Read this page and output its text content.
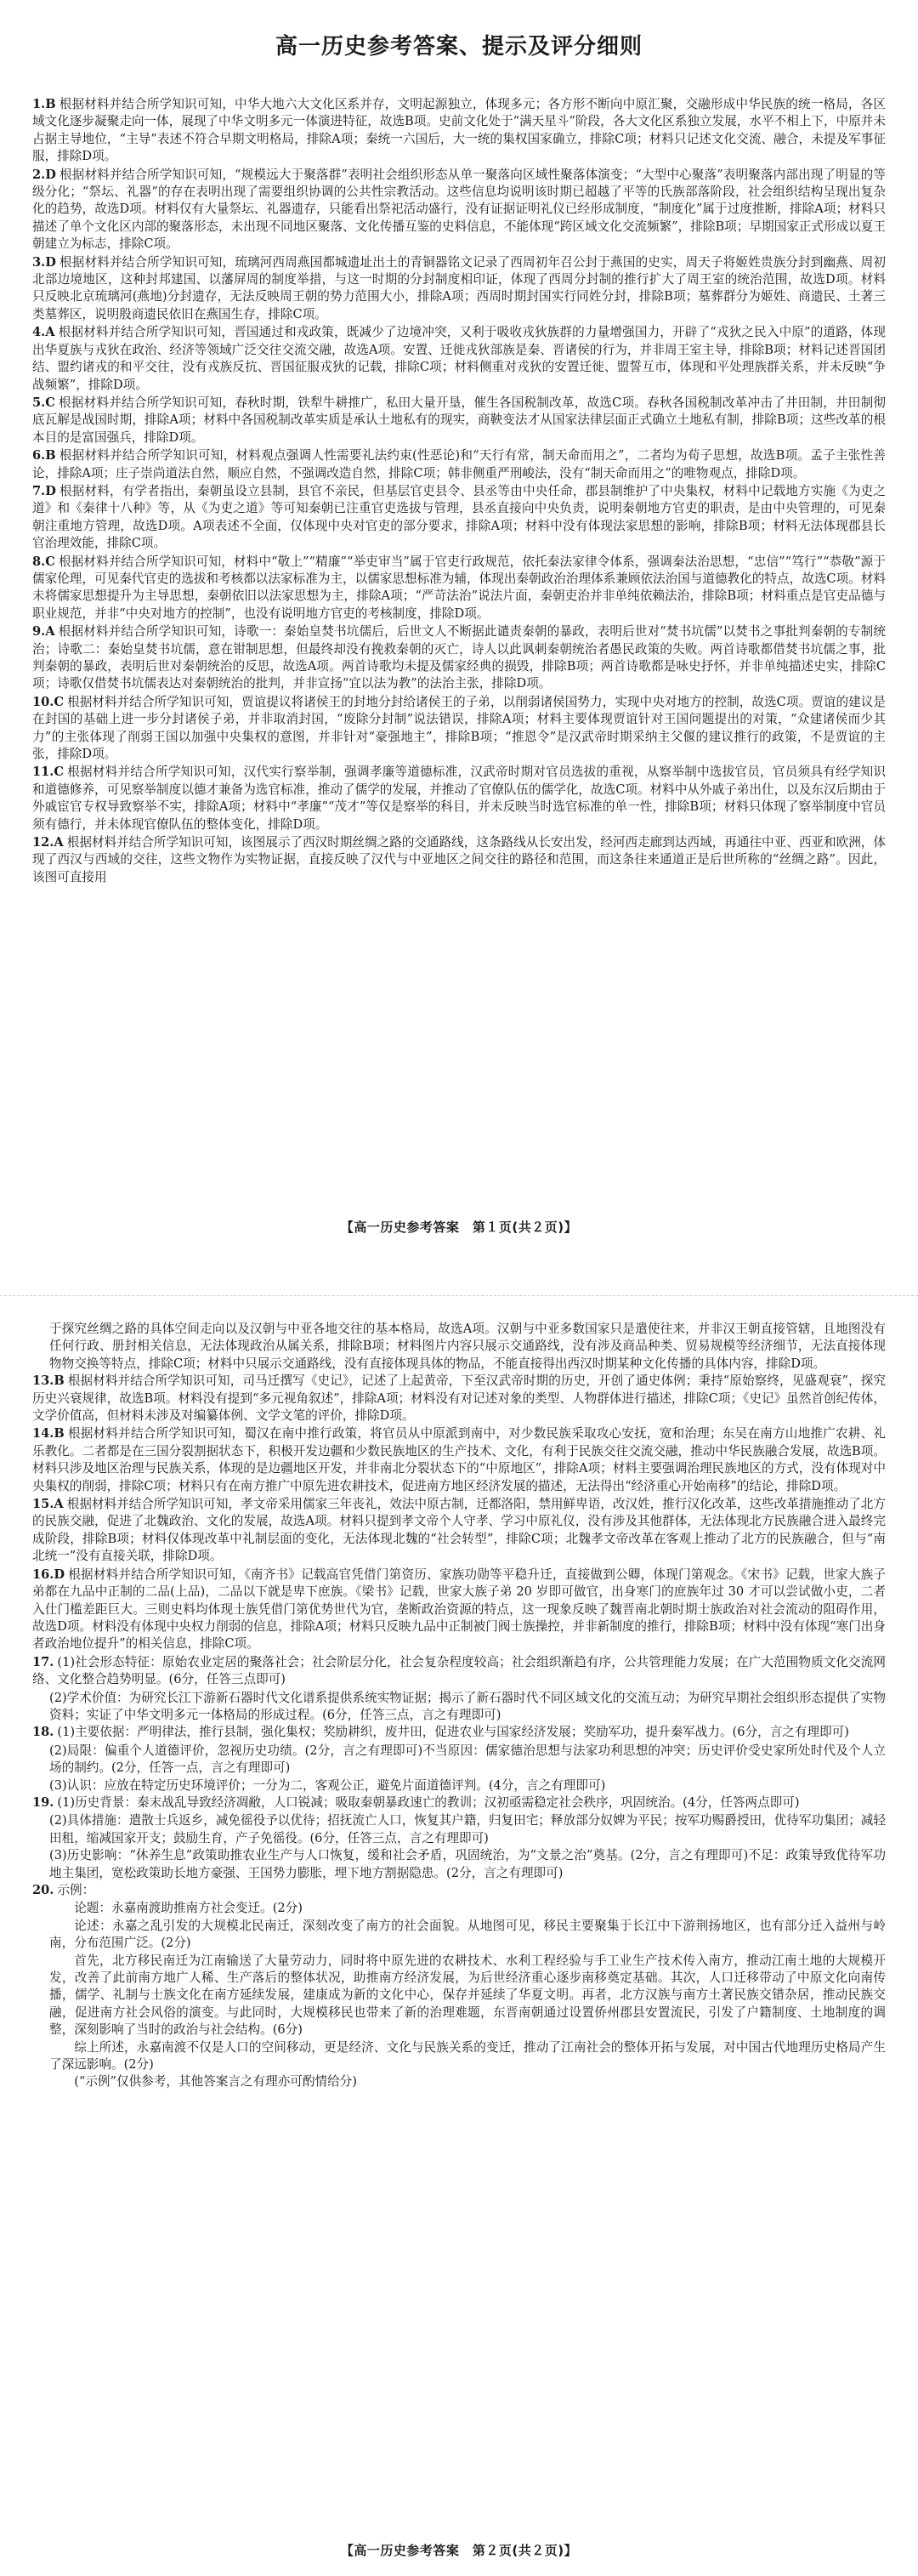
高一历史参考答案、提示及评分细则
1.B 根据材料并结合所学知识可知，中华大地六大文化区系并存，文明起源独立，体现多元；各方形不断向中原汇聚，交融形成中华民族的统一格局，各区域文化逐步凝聚走向一体，展现了中华文明多元一体演进特征，故选B项。史前文化处于“满天星斗”阶段，各大文化区系独立发展，水平不相上下，中原并未占据主导地位，“主导”表述不符合早期文明格局，排除A项；秦统一六国后，大一统的集权国家确立，排除C项；材料只记述文化交流、融合，未提及军事征服，排除D项。
2.D 根据材料并结合所学知识可知，“规模远大于聚落群”表明社会组织形态从单一聚落向区域性聚落体演变；“大型中心聚落”表明聚落内部出现了明显的等级分化；“祭坛、礼器”的存在表明出现了需要组织协调的公共性宗教活动。这些信息均说明该时期已超越了平等的氏族部落阶段，社会组织结构呈现出复杂化的趋势，故选D项。材料仅有大量祭坛、礼器遗存，只能看出祭祀活动盛行，没有证据证明礼仪已经形成制度，“制度化”属于过度推断，排除A项；材料只描述了单个文化区内部的聚落形态，未出现不同地区聚落、文化传播互鉴的史料信息，不能体现“跨区域文化交流频繁”，排除B项；早期国家正式形成以夏王朝建立为标志，排除C项。
3.D 根据材料并结合所学知识可知，琉璃河西周燕国都城遗址出土的青铜器铭文记录了西周初年召公封于燕国的史实，周天子将姬姓贵族分封到幽燕、周初北部边境地区，这种封邦建国、以藩屏周的制度举措，与这一时期的分封制度相印证，体现了西周分封制的推行扩大了周王室的统治范围，故选D项。材料只反映北京琉璃河(燕地)分封遗存，无法反映周王朝的势力范围大小，排除A项；西周时期封国实行同姓分封，排除B项；墓葬群分为姬姓、商遗民、土著三类墓葬区，说明殷商遗民依旧在燕国生存，排除C项。
4.A 根据材料并结合所学知识可知，晋国通过和戎政策，既减少了边境冲突，又利于吸收戎狄族群的力量增强国力，开辟了“戎狄之民入中原”的道路，体现出华夏族与戎狄在政治、经济等领域广泛交往交流交融，故选A项。安置、迁徙戎狄部族是秦、晋诸侯的行为，并非周王室主导，排除B项；材料记述晋国团结、盟约诸戎的和平交往，没有戎族反抗、晋国征服戎狄的记载，排除C项；材料侧重对戎狄的安置迁徙、盟誓互市，体现和平处理族群关系，并未反映“争战频繁”，排除D项。
5.C 根据材料并结合所学知识可知，春秋时期，铁犁牛耕推广，私田大量开垦，催生各国税制改革，故选C项。春秋各国税制改革冲击了井田制，井田制彻底瓦解是战国时期，排除A项；材料中各国税制改革实质是承认土地私有的现实，商鞅变法才从国家法律层面正式确立土地私有制，排除B项；这些改革的根本目的是富国强兵，排除D项。
6.B 根据材料并结合所学知识可知，材料观点强调人性需要礼法约束(性恶论)和“天行有常，制天命而用之”，二者均为荀子思想，故选B项。孟子主张性善论，排除A项；庄子崇尚道法自然，顺应自然，不强调改造自然，排除C项；韩非侧重严刑峻法，没有“制天命而用之”的唯物观点，排除D项。
7.D 根据材料，有学者指出，秦朝虽设立县制，县官不亲民，但基层官吏县令、县丞等由中央任命，郡县制维护了中央集权，材料中记载地方实施《为吏之道》和《秦律十八种》等，从《为吏之道》等可知秦朝已注重官吏选拔与管理，县丞直接向中央负责，说明秦朝地方官吏的职责，是由中央管理的，可见秦朝注重地方管理，故选D项。A项表述不全面，仅体现中央对官吏的部分要求，排除A项；材料中没有体现法家思想的影响，排除B项；材料无法体现郡县长官治理效能，排除C项。
8.C 根据材料并结合所学知识可知，材料中“敬上”“精廉”“举吏审当”属于官吏行政规范，依托秦法家律令体系，强调秦法治思想，“忠信”“笃行”“恭敬”源于儒家伦理，可见秦代官吏的选拔和考核都以法家标准为主，以儒家思想标准为辅，体现出秦朝政治治理体系兼顾依法治国与道德教化的特点，故选C项。材料未将儒家思想提升为主导思想，秦朝依旧以法家思想为主，排除A项；“严苛法治”说法片面，秦朝吏治并非单纯依赖法治，排除B项；材料重点是官吏品德与职业规范，并非“中央对地方的控制”，也没有说明地方官吏的考核制度，排除D项。
9.A 根据材料并结合所学知识可知，诗歌一：秦始皇焚书坑儒后，后世文人不断据此谴责秦朝的暴政，表明后世对“焚书坑儒”以焚书之事批判秦朝的专制统治；诗歌二：秦始皇焚书坑儒，意在钳制思想，但最终却没有挽救秦朝的灭亡，诗人以此讽刺秦朝统治者愚民政策的失败。两首诗歌都借焚书坑儒之事，批判秦朝的暴政，表明后世对秦朝统治的反思，故选A项。两首诗歌均未提及儒家经典的损毁，排除B项；两首诗歌都是咏史抒怀，并非单纯描述史实，排除C项；诗歌仅借焚书坑儒表达对秦朝统治的批判，并非宣扬“宜以法为教”的法治主张，排除D项。
10.C 根据材料并结合所学知识可知，贾谊提议将诸侯王的封地分封给诸侯王的子弟，以削弱诸侯国势力，实现中央对地方的控制，故选C项。贾谊的建议是在封国的基础上进一步分封诸侯子弟，并非取消封国，“废除分封制”说法错误，排除A项；材料主要体现贾谊针对王国问题提出的对策，“众建诸侯而少其力”的主张体现了削弱王国以加强中央集权的意图，并非针对“豪强地主”，排除B项；“推恩令”是汉武帝时期采纳主父偃的建议推行的政策，不是贾谊的主张，排除D项。
11.C 根据材料并结合所学知识可知，汉代实行察举制，强调孝廉等道德标准，汉武帝时期对官员选拔的重视，从察举制中选拔官员，官员须具有经学知识和道德修养，可见察举制度以德才兼备为选官标准，推动了儒学的发展，并推动了官僚队伍的儒学化，故选C项。材料中从外戚子弟出仕，以及东汉后期由于外戚宦官专权导致察举不实，排除A项；材料中“孝廉”“茂才”等仅是察举的科目，并未反映当时选官标准的单一性，排除B项；材料只体现了察举制度中官员须有德行，并未体现官僚队伍的整体变化，排除D项。
12.A 根据材料并结合所学知识可知，该图展示了西汉时期丝绸之路的交通路线，这条路线从长安出发，经河西走廊到达西域，再通往中亚、西亚和欧洲，体现了西汉与西域的交往，这些文物作为实物证据，直接反映了汉代与中亚地区之间交往的路径和范围，而这条往来通道正是后世所称的“丝绸之路”。因此，该图可直接用
【高一历史参考答案　第１页(共２页)】
于探究丝绸之路的具体空间走向以及汉朝与中亚各地交往的基本格局，故选A项。汉朝与中亚多数国家只是遣使往来，并非汉王朝直接管辖，且地图没有任何行政、册封相关信息，无法体现政治从属关系，排除B项；材料图片内容只展示交通路线，没有涉及商品种类、贸易规模等经济细节，无法直接体现物物交换等特点，排除C项；材料中只展示交通路线，没有直接体现具体的物品，不能直接得出西汉时期某种文化传播的具体内容，排除D项。
13.B 根据材料并结合所学知识可知，司马迁撰写《史记》，记述了上起黄帝，下至汉武帝时期的历史，开创了通史体例；秉持“原始察终，见盛观衰”，探究历史兴衰规律，故选B项。材料没有提到“多元视角叙述”，排除A项；材料没有对记述对象的类型、人物群体进行描述，排除C项；《史记》虽然首创纪传体，文学价值高，但材料未涉及对编纂体例、文学文笔的评价，排除D项。
14.B 根据材料并结合所学知识可知，蜀汉在南中推行政策，将官员从中原派到南中，对少数民族采取攻心安抚，宽和治理；东吴在南方山地推广农耕、礼乐教化。二者都是在三国分裂割据状态下，积极开发边疆和少数民族地区的生产技术、文化，有利于民族交往交流交融，推动中华民族融合发展，故选B项。材料只涉及地区治理与民族关系，体现的是边疆地区开发，并非南北分裂状态下的“中原地区”，排除A项；材料主要强调治理民族地区的方式，没有体现对中央集权的削弱，排除C项；材料只有在南方推广中原先进农耕技术，促进南方地区经济发展的描述，无法得出“经济重心开始南移”的结论，排除D项。
15.A 根据材料并结合所学知识可知，孝文帝采用儒家三年丧礼，效法中原古制，迁都洛阳，禁用鲜卑语，改汉姓，推行汉化改革，这些改革措施推动了北方的民族交融，促进了北魏政治、文化的发展，故选A项。材料只提到孝文帝个人守孝、学习中原礼仪，没有涉及其他群体，无法体现北方民族融合进入最终完成阶段，排除B项；材料仅体现改革中礼制层面的变化，无法体现北魏的“社会转型”，排除C项；北魏孝文帝改革在客观上推动了北方的民族融合，但与“南北统一”没有直接关联，排除D项。
16.D 根据材料并结合所学知识可知，《南齐书》记载高官凭借门第资历、家族功勋等平稳升迁，直接做到公卿，体现门第观念。《宋书》记载，世家大族子弟都在九品中正制的二品(上品)，二品以下就是卑下庶族。《梁书》记载，世家大族子弟 20 岁即可做官，出身寒门的庶族年过 30 才可以尝试做小吏，二者入仕门槛差距巨大。三则史料均体现士族凭借门第优势世代为官，垄断政治资源的特点，这一现象反映了魏晋南北朝时期士族政治对社会流动的阻碍作用，故选D项。材料没有体现中央权力削弱的信息，排除A项；材料只反映九品中正制被门阀士族操控，并非新制度的推行，排除B项；材料中没有体现“寒门出身者政治地位提升”的相关信息，排除C项。
17. (1)社会形态特征：原始农业定居的聚落社会；社会阶层分化，社会复杂程度较高；社会组织渐趋有序，公共管理能力发展；在广大范围物质文化交流网络、文化整合趋势明显。(6分，任答三点即可)
(2)学术价值：为研究长江下游新石器时代文化谱系提供系统实物证据；揭示了新石器时代不同区域文化的交流互动；为研究早期社会组织形态提供了实物资料；实证了中华文明多元一体格局的形成过程。(6分，任答三点，言之有理即可)
18. (1)主要依据：严明律法，推行县制，强化集权；奖励耕织，废井田，促进农业与国家经济发展；奖励军功，提升秦军战力。(6分，言之有理即可)
(2)局限：偏重个人道德评价，忽视历史功绩。(2分，言之有理即可)不当原因：儒家德治思想与法家功利思想的冲突；历史评价受史家所处时代及个人立场的制约。(2分，任答一点，言之有理即可)
(3)认识：应放在特定历史环境评价；一分为二，客观公正，避免片面道德评判。(4分，言之有理即可)
19. (1)历史背景：秦末战乱导致经济凋敝，人口锐减；吸取秦朝暴政速亡的教训；汉初亟需稳定社会秩序，巩固统治。(4分，任答两点即可)
(2)具体措施：遣散士兵返乡，减免徭役予以优待；招抚流亡人口，恢复其户籍，归复田宅；释放部分奴婢为平民；按军功赐爵授田，优待军功集团；减轻田租，缩减国家开支；鼓励生育，产子免徭役。(6分，任答三点，言之有理即可)
(3)历史影响：“休养生息”政策助推农业生产与人口恢复，缓和社会矛盾，巩固统治，为“文景之治”奠基。(2分，言之有理即可)不足：政策导致优待军功地主集团，宽松政策助长地方豪强、王国势力膨胀，埋下地方割据隐患。(2分，言之有理即可)
20. 示例：
论题：永嘉南渡助推南方社会变迁。(2分)
论述：永嘉之乱引发的大规模北民南迁，深刻改变了南方的社会面貌。从地图可见，移民主要聚集于长江中下游荆扬地区，也有部分迁入益州与岭南，分布范围广泛。(2分)
首先，北方移民南迁为江南输送了大量劳动力，同时将中原先进的农耕技术、水利工程经验与手工业生产技术传入南方，推动江南土地的大规模开发，改善了此前南方地广人稀、生产落后的整体状况，助推南方经济发展，为后世经济重心逐步南移奠定基础。其次，人口迁移带动了中原文化向南传播，儒学、礼制与士族文化在南方延续发展，建康成为新的文化中心，保存并延续了华夏文明。再者，北方汉族与南方土著民族交错杂居，推动民族交融，促进南方社会风俗的演变。与此同时，大规模移民也带来了新的治理难题，东晋南朝通过设置侨州郡县安置流民，引发了户籍制度、土地制度的调整，深刻影响了当时的政治与社会结构。(6分)
综上所述，永嘉南渡不仅是人口的空间移动，更是经济、文化与民族关系的变迁，推动了江南社会的整体开拓与发展，对中国古代地理历史格局产生了深远影响。(2分)
(“示例”仅供参考，其他答案言之有理亦可酌情给分)
【高一历史参考答案　第２页(共２页)】
